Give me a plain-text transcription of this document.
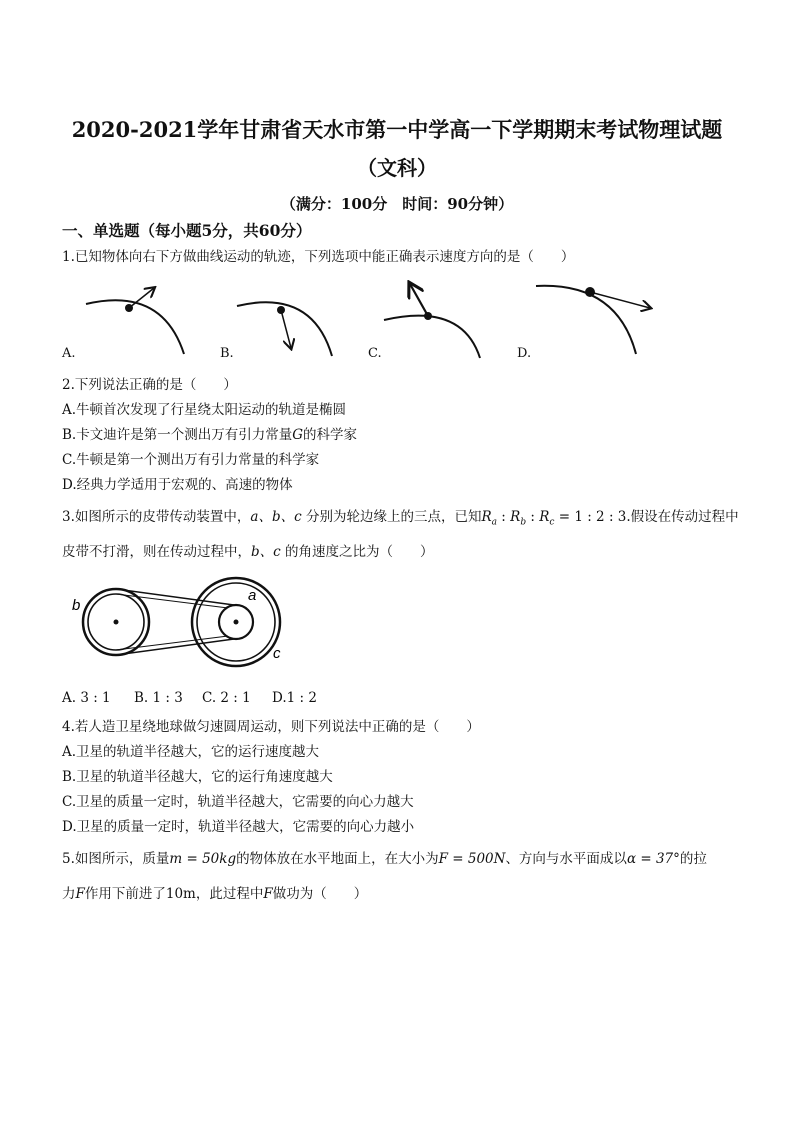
2020-2021学年甘肃省天水市第一中学高一下学期期末考试物理试题
（文科）
（满分：100分　时间：90分钟）
一、单选题（每小题5分，共60分）
1.已知物体向右下方做曲线运动的轨迹，下列选项中能正确表示速度方向的是（　　）
A.	B.	C.	D.
2.下列说法正确的是（　　）
A.牛顿首次发现了行星绕太阳运动的轨道是椭圆
B.卡文迪许是第一个测出万有引力常量G的科学家
C.牛顿是第一个测出万有引力常量的科学家
D.经典力学适用于宏观的、高速的物体
3.如图所示的皮带传动装置中，a、b、c 分别为轮边缘上的三点，已知$R_a$ : $R_b$ : $R_c = 1$ : 2 : 3.假设在传动过程中
皮带不打滑，则在传动过程中，b、c 的角速度之比为（　　）
b
a
c
A. 3 : 1 B. 1 : 3 C. 2 : 1 D.1 : 2
4.若人造卫星绕地球做匀速圆周运动，则下列说法中正确的是（　　）
A.卫星的轨道半径越大，它的运行速度越大
B.卫星的轨道半径越大，它的运行角速度越大
C.卫星的质量一定时，轨道半径越大，它需要的向心力越大
D.卫星的质量一定时，轨道半径越大，它需要的向心力越小
5.如图所示，质量m = 50kg的物体放在水平地面上，在大小为F = 500N、方向与水平面成以α = 37°的拉
力F作用下前进了10m，此过程中F做功为（　　）
